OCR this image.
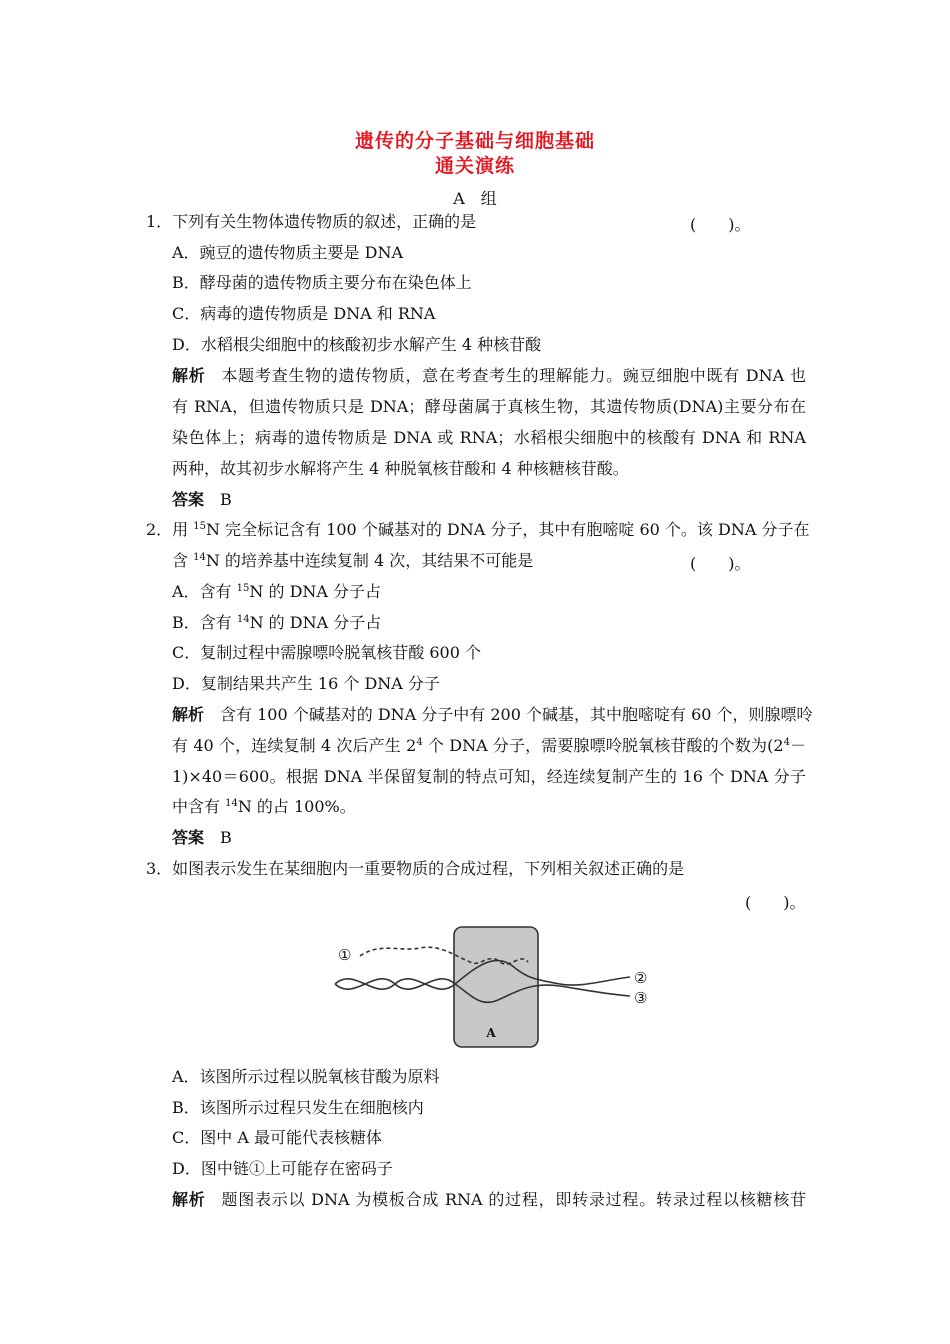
遗传的分子基础与细胞基础
通关演练
A　组
1．下列有关生物体遗传物质的叙述，正确的是	(　　)。
A．豌豆的遗传物质主要是 DNA
B．酵母菌的遗传物质主要分布在染色体上
C．病毒的遗传物质是 DNA 和 RNA
D．水稻根尖细胞中的核酸初步水解产生 4 种核苷酸
解析 本题考查生物的遗传物质，意在考查考生的理解能力。豌豆细胞中既有 DNA 也
有 RNA，但遗传物质只是 DNA；酵母菌属于真核生物，其遗传物质(DNA)主要分布在
染色体上；病毒的遗传物质是 DNA 或 RNA；水稻根尖细胞中的核酸有 DNA 和 RNA
两种，故其初步水解将产生 4 种脱氧核苷酸和 4 种核糖核苷酸。
答案 B
2．用 $^{15}$N 完全标记含有 100 个碱基对的 DNA 分子，其中有胞嘧啶 60 个。该 DNA 分子在
含 $^{14}$N 的培养基中连续复制 4 次，其结果不可能是	(　　)。
A．含有 $^{15}$N 的 DNA 分子占
B．含有 $^{14}$N 的 DNA 分子占
C．复制过程中需腺嘌呤脱氧核苷酸 600 个
D．复制结果共产生 16 个 DNA 分子
解析 含有 100 个碱基对的 DNA 分子中有 200 个碱基，其中胞嘧啶有 60 个，则腺嘌呤
有 40 个，连续复制 4 次后产生 $2^4$ 个 DNA 分子，需要腺嘌呤脱氧核苷酸的个数为($2^4-$
1)×40＝600。根据 DNA 半保留复制的特点可知，经连续复制产生的 16 个 DNA 分子
中含有 $^{14}$N 的占 100%。
答案 B
3．如图表示发生在某细胞内一重要物质的合成过程，下列相关叙述正确的是
(　　)。
①
②
③
A
A．该图所示过程以脱氧核苷酸为原料
B．该图所示过程只发生在细胞核内
C．图中 A 最可能代表核糖体
D．图中链①上可能存在密码子
解析 题图表示以 DNA 为模板合成 RNA 的过程，即转录过程。转录过程以核糖核苷
